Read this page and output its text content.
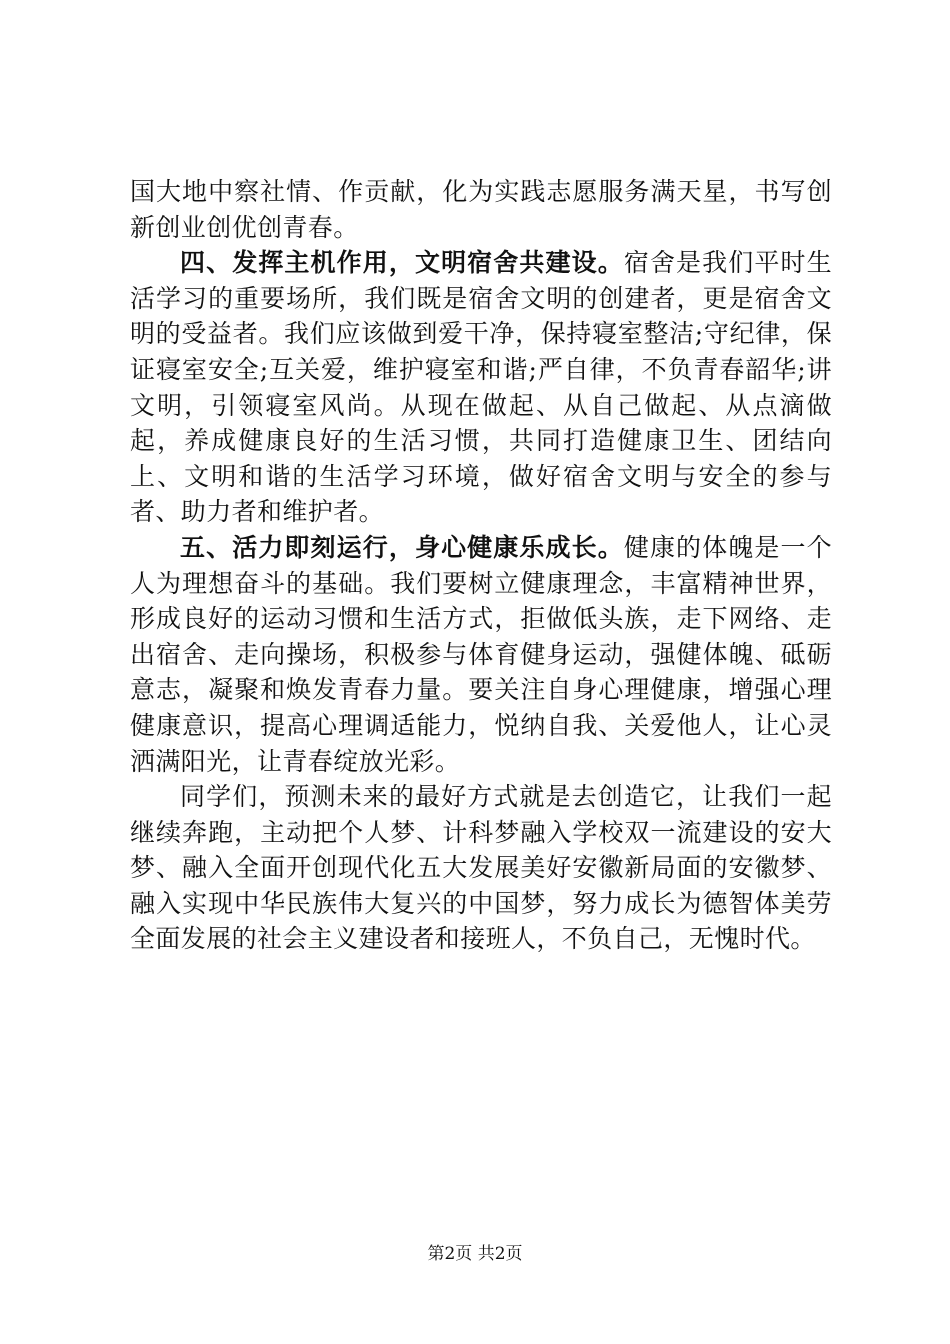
国大地中察社情、作贡献，化为实践志愿服务满天星，书写创新创业创优创青春。

四、发挥主机作用，文明宿舍共建设。宿舍是我们平时生活学习的重要场所，我们既是宿舍文明的创建者，更是宿舍文明的受益者。我们应该做到爱干净，保持寝室整洁;守纪律，保证寝室安全;互关爱，维护寝室和谐;严自律，不负青春韶华;讲文明，引领寝室风尚。从现在做起、从自己做起、从点滴做起，养成健康良好的生活习惯，共同打造健康卫生、团结向上、文明和谐的生活学习环境，做好宿舍文明与安全的参与者、助力者和维护者。

五、活力即刻运行，身心健康乐成长。健康的体魄是一个人为理想奋斗的基础。我们要树立健康理念，丰富精神世界，形成良好的运动习惯和生活方式，拒做低头族，走下网络、走出宿舍、走向操场，积极参与体育健身运动，强健体魄、砥砺意志，凝聚和焕发青春力量。要关注自身心理健康，增强心理健康意识，提高心理调适能力，悦纳自我、关爱他人，让心灵洒满阳光，让青春绽放光彩。

同学们，预测未来的最好方式就是去创造它，让我们一起继续奔跑，主动把个人梦、计科梦融入学校双一流建设的安大梦、融入全面开创现代化五大发展美好安徽新局面的安徽梦、融入实现中华民族伟大复兴的中国梦，努力成长为德智体美劳全面发展的社会主义建设者和接班人，不负自己，无愧时代。

第2页 共2页
